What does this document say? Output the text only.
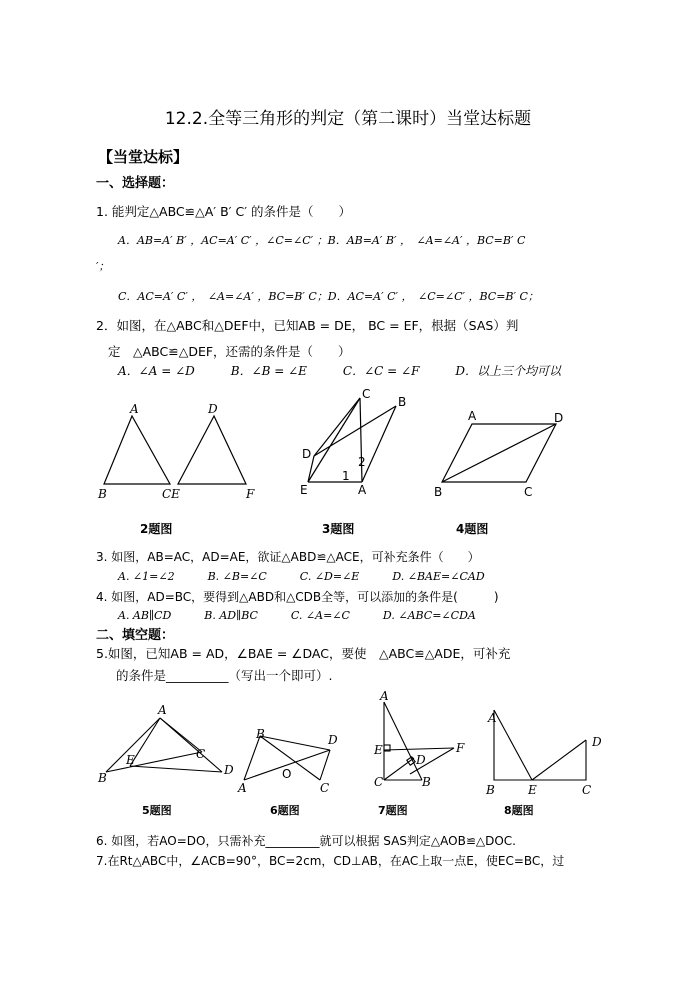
12.2.全等三角形的判定（第二课时）当堂达标题
【当堂达标】
一、选择题：
1. 能判定△ABC≌△A′ B′ C′ 的条件是（　　）
A．AB=A′ B′ ，AC=A′ C′ ，∠C=∠C′ ；B．AB=A′ B′ ，　∠A=∠A′ ，BC=B′ C
′；
C．AC=A′ C′ ，　∠A=∠A′ ，BC=B′ C；D．AC=A′ C′ ，　∠C=∠C′ ，BC=B′ C；
2．如图，在△ABC和△DEF中，已知AB = DE， BC = EF，根据（SAS）判
定　△ABC≌△DEF，还需的条件是（　　）
A．∠A = ∠D　　　B．∠B = ∠E　　　C．∠C = ∠F　　　D．以上三个均可以
A	D
B	CE	F
C
B
D
E	A
1
2
A	D
B	C
2题图	3题图	4题图
3. 如图，AB=AC，AD=AE，欲证△ABD≌△ACE，可补充条件（　　）
A. ∠1=∠2　　　B. ∠B=∠C　　　C. ∠D=∠E　　　D. ∠BAE=∠CAD
4. 如图，AD=BC，要得到△ABD和△CDB全等，可以添加的条件是(　　　)
A. AB∥CD　　　B. AD∥BC　　　C. ∠A=∠C　　　D. ∠ABC=∠CDA
二、填空题：
5.如图，已知AB = AD，∠BAE = ∠DAC，要使　△ABC≌△ADE，可补充
的条件是__________（写出一个即可）.
A
E	C
B
D
B	D
O
A	C
A
E	F
D
C	B
A
D
B	E	C
5题图	6题图	7题图	8题图
6. 如图，若AO=DO，只需补充_________就可以根据 SAS判定△AOB≌△DOC.
7.在Rt△ABC中，∠ACB=90°，BC=2cm，CD⊥AB，在AC上取一点E，使EC=BC，过
